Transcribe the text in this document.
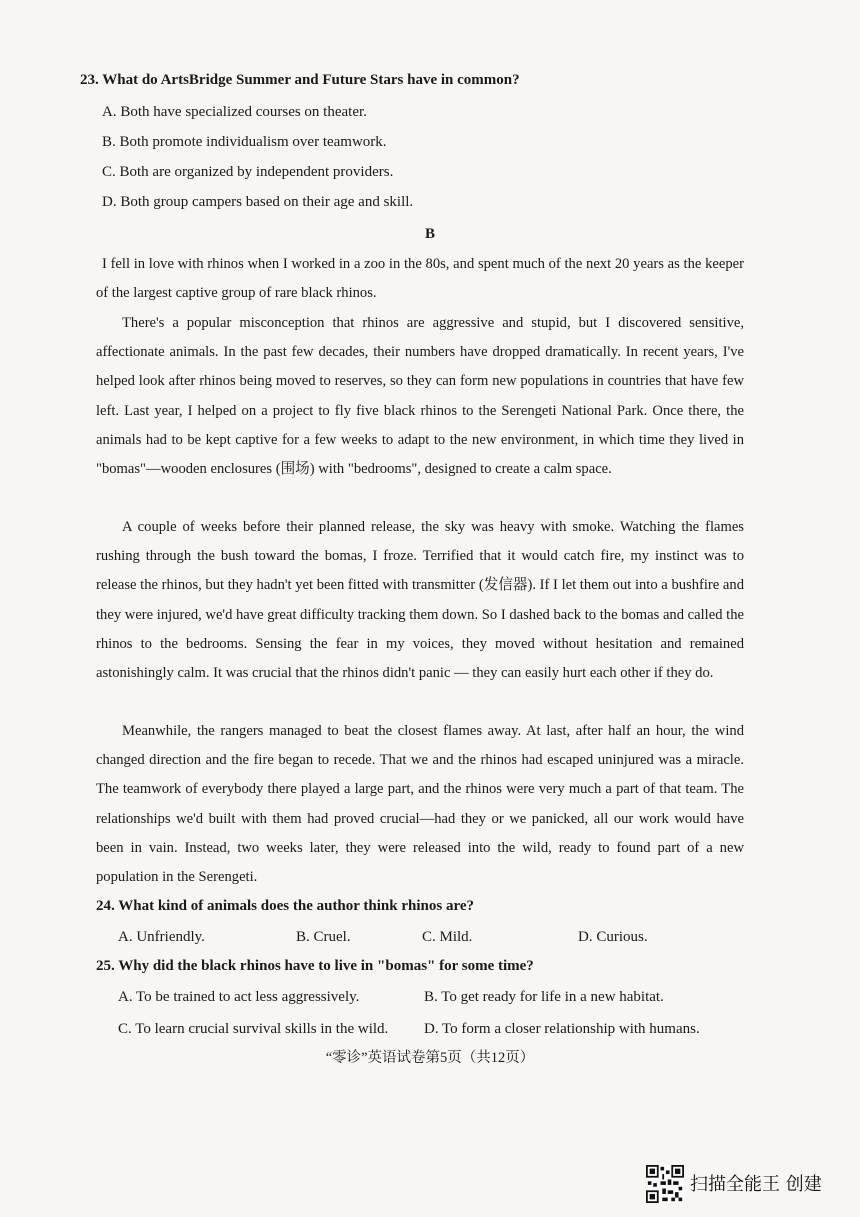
23. What do ArtsBridge Summer and Future Stars have in common?
A. Both have specialized courses on theater.
B. Both promote individualism over teamwork.
C. Both are organized by independent providers.
D. Both group campers based on their age and skill.
B

I fell in love with rhinos when I worked in a zoo in the 80s, and spent much of the next 20 years as the keeper of the largest captive group of rare black rhinos.

There's a popular misconception that rhinos are aggressive and stupid, but I discovered sensitive, affectionate animals. In the past few decades, their numbers have dropped dramatically. In recent years, I've helped look after rhinos being moved to reserves, so they can form new populations in countries that have few left. Last year, I helped on a project to fly five black rhinos to the Serengeti National Park. Once there, the animals had to be kept captive for a few weeks to adapt to the new environment, in which time they lived in "bomas"—wooden enclosures (围场) with "bedrooms", designed to create a calm space.

A couple of weeks before their planned release, the sky was heavy with smoke. Watching the flames rushing through the bush toward the bomas, I froze. Terrified that it would catch fire, my instinct was to release the rhinos, but they hadn't yet been fitted with transmitter (发信器). If I let them out into a bushfire and they were injured, we'd have great difficulty tracking them down. So I dashed back to the bomas and called the rhinos to the bedrooms. Sensing the fear in my voices, they moved without hesitation and remained astonishingly calm. It was crucial that the rhinos didn't panic — they can easily hurt each other if they do.

Meanwhile, the rangers managed to beat the closest flames away. At last, after half an hour, the wind changed direction and the fire began to recede. That we and the rhinos had escaped uninjured was a miracle. The teamwork of everybody there played a large part, and the rhinos were very much a part of that team. The relationships we'd built with them had proved crucial—had they or we panicked, all our work would have been in vain. Instead, two weeks later, they were released into the wild, ready to found part of a new population in the Serengeti.

24. What kind of animals does the author think rhinos are?
A. Unfriendly.	B. Cruel.	C. Mild.	D. Curious.
25. Why did the black rhinos have to live in "bomas" for some time?
A. To be trained to act less aggressively.	B. To get ready for life in a new habitat.
C. To learn crucial survival skills in the wild. D. To form a closer relationship with humans.
“零诊”英语试卷第5页（共12页）
扫描全能王 创建
